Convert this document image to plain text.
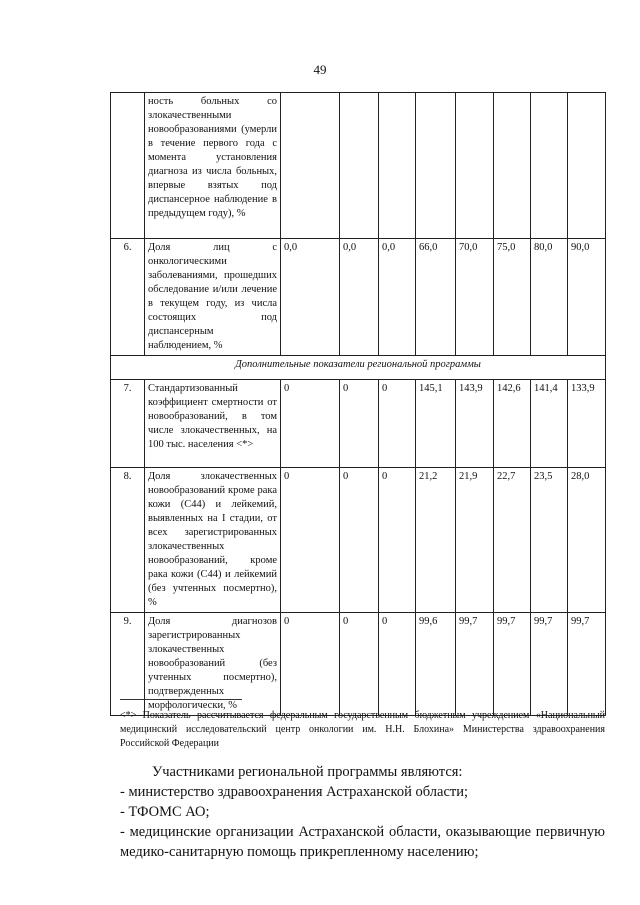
49
	ность больных со злокачественными новообразованиями (умерли в течение первого года с момента установления диагноза из числа больных, впервые взятых под диспансерное наблюдение в предыдущем году), %								
6.	Доля лиц с онкологическими заболеваниями, прошедших обследование и/или лечение в текущем году, из числа состоящих под диспансерным наблюдением, %	0,0	0,0	0,0	66,0	70,0	75,0	80,0	90,0
Дополнительные показатели региональной программы									
7.	Стандартизованный коэффициент смертности от новообразований, в том числе злокачественных, на 100 тыс. населения <*>	0	0	0	145,1	143,9	142,6	141,4	133,9
8.	Доля злокачественных новообразований кроме рака кожи (С44) и лейкемий, выявленных на I стадии, от всех зарегистрированных злокачественных новообразований, кроме рака кожи (С44) и лейкемий (без учтенных посмертно), %	0	0	0	21,2	21,9	22,7	23,5	28,0
9.	Доля диагнозов зарегистрированных злокачественных новообразований (без учтенных посмертно), подтвержденных морфологически, %	0	0	0	99,6	99,7	99,7	99,7	99,7
<*> Показатель рассчитывается федеральным государственным бюджетным учреждением «Национальный медицинский исследовательский центр онкологии им. Н.Н. Блохина» Министерства здравоохранения Российской Федерации

Участниками региональной программы являются:

- министерство здравоохранения Астраханской области;

- ТФОМС АО;

- медицинские организации Астраханской области, оказывающие первичную медико-санитарную помощь прикрепленному населению;
